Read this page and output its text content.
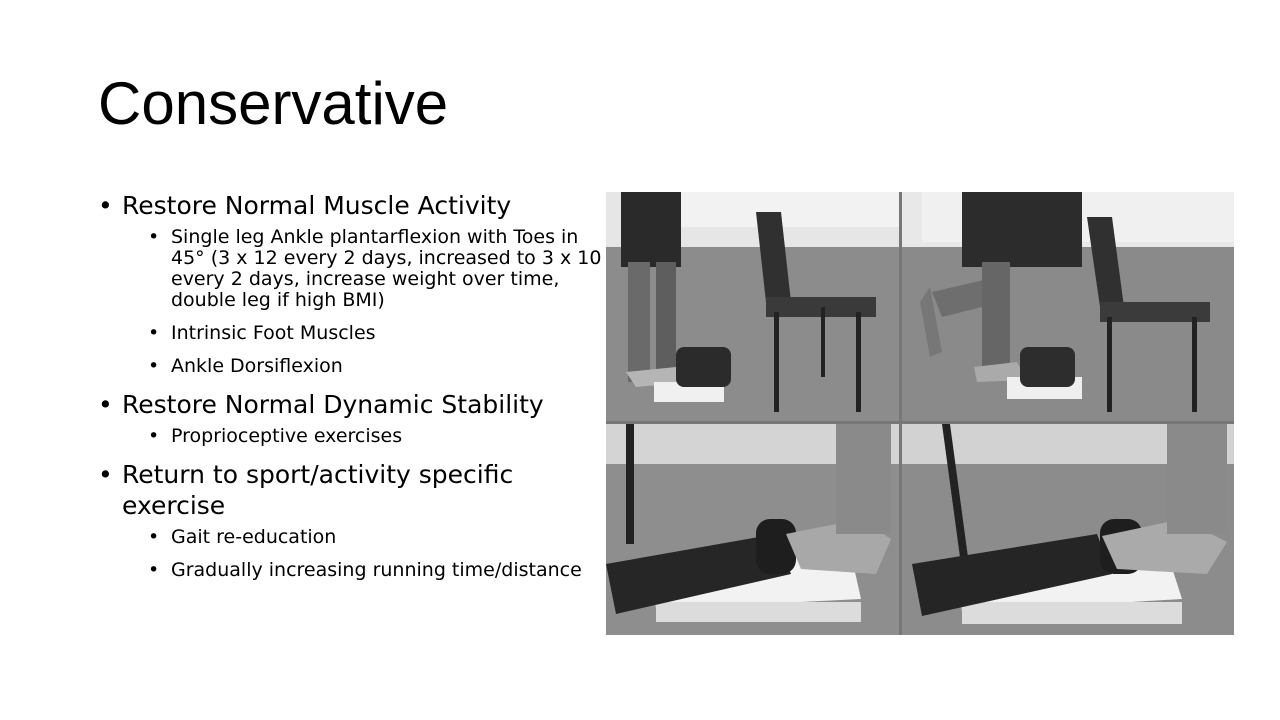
Conservative
• Restore Normal Muscle Activity
• Single leg Ankle plantarflexion with Toes in 45° (3 x 12 every 2 days, increased to 3 x 10 every 2 days, increase weight over time, double leg if high BMI)
• Intrinsic Foot Muscles
• Ankle Dorsiflexion
• Restore Normal Dynamic Stability
• Proprioceptive exercises
• Return to sport/activity specific exercise
• Gait re-education
• Gradually increasing running time/distance
